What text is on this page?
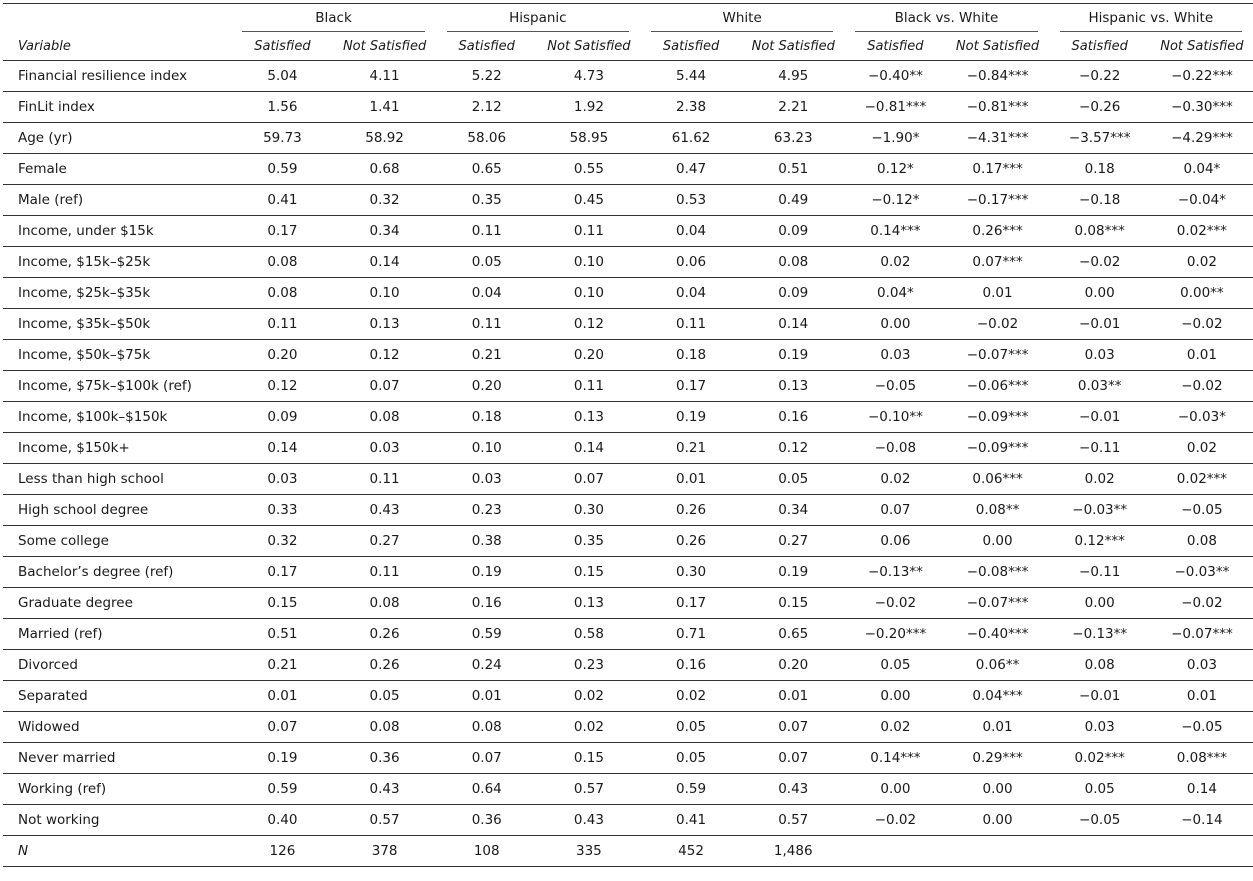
	Black		Hispanic		White		Black vs. White		Hispanic vs. White	

Variable	Satisfied	Not Satisfied	Satisfied	Not Satisfied	Satisfied	Not Satisfied	Satisfied	Not Satisfied	Satisfied	Not Satisfied
Financial resilience index	5.04	4.11	5.22	4.73	5.44	4.95	−0.40**	−0.84***	−0.22	−0.22***
FinLit index	1.56	1.41	2.12	1.92	2.38	2.21	−0.81***	−0.81***	−0.26	−0.30***
Age (yr)	59.73	58.92	58.06	58.95	61.62	63.23	−1.90*	−4.31***	−3.57***	−4.29***
Female	0.59	0.68	0.65	0.55	0.47	0.51	0.12*	0.17***	0.18	0.04*
Male (ref)	0.41	0.32	0.35	0.45	0.53	0.49	−0.12*	−0.17***	−0.18	−0.04*
Income, under $15k	0.17	0.34	0.11	0.11	0.04	0.09	0.14***	0.26***	0.08***	0.02***
Income, $15k–$25k	0.08	0.14	0.05	0.10	0.06	0.08	0.02	0.07***	−0.02	0.02
Income, $25k–$35k	0.08	0.10	0.04	0.10	0.04	0.09	0.04*	0.01	0.00	0.00**
Income, $35k–$50k	0.11	0.13	0.11	0.12	0.11	0.14	0.00	−0.02	−0.01	−0.02
Income, $50k–$75k	0.20	0.12	0.21	0.20	0.18	0.19	0.03	−0.07***	0.03	0.01
Income, $75k–$100k (ref)	0.12	0.07	0.20	0.11	0.17	0.13	−0.05	−0.06***	0.03**	−0.02
Income, $100k–$150k	0.09	0.08	0.18	0.13	0.19	0.16	−0.10**	−0.09***	−0.01	−0.03*
Income, $150k+	0.14	0.03	0.10	0.14	0.21	0.12	−0.08	−0.09***	−0.11	0.02
Less than high school	0.03	0.11	0.03	0.07	0.01	0.05	0.02	0.06***	0.02	0.02***
High school degree	0.33	0.43	0.23	0.30	0.26	0.34	0.07	0.08**	−0.03**	−0.05
Some college	0.32	0.27	0.38	0.35	0.26	0.27	0.06	0.00	0.12***	0.08
Bachelor’s degree (ref)	0.17	0.11	0.19	0.15	0.30	0.19	−0.13**	−0.08***	−0.11	−0.03**
Graduate degree	0.15	0.08	0.16	0.13	0.17	0.15	−0.02	−0.07***	0.00	−0.02
Married (ref)	0.51	0.26	0.59	0.58	0.71	0.65	−0.20***	−0.40***	−0.13**	−0.07***
Divorced	0.21	0.26	0.24	0.23	0.16	0.20	0.05	0.06**	0.08	0.03
Separated	0.01	0.05	0.01	0.02	0.02	0.01	0.00	0.04***	−0.01	0.01
Widowed	0.07	0.08	0.08	0.02	0.05	0.07	0.02	0.01	0.03	−0.05
Never married	0.19	0.36	0.07	0.15	0.05	0.07	0.14***	0.29***	0.02***	0.08***
Working (ref)	0.59	0.43	0.64	0.57	0.59	0.43	0.00	0.00	0.05	0.14
Not working	0.40	0.57	0.36	0.43	0.41	0.57	−0.02	0.00	−0.05	−0.14
N	126	378	108	335	452	1,486				
